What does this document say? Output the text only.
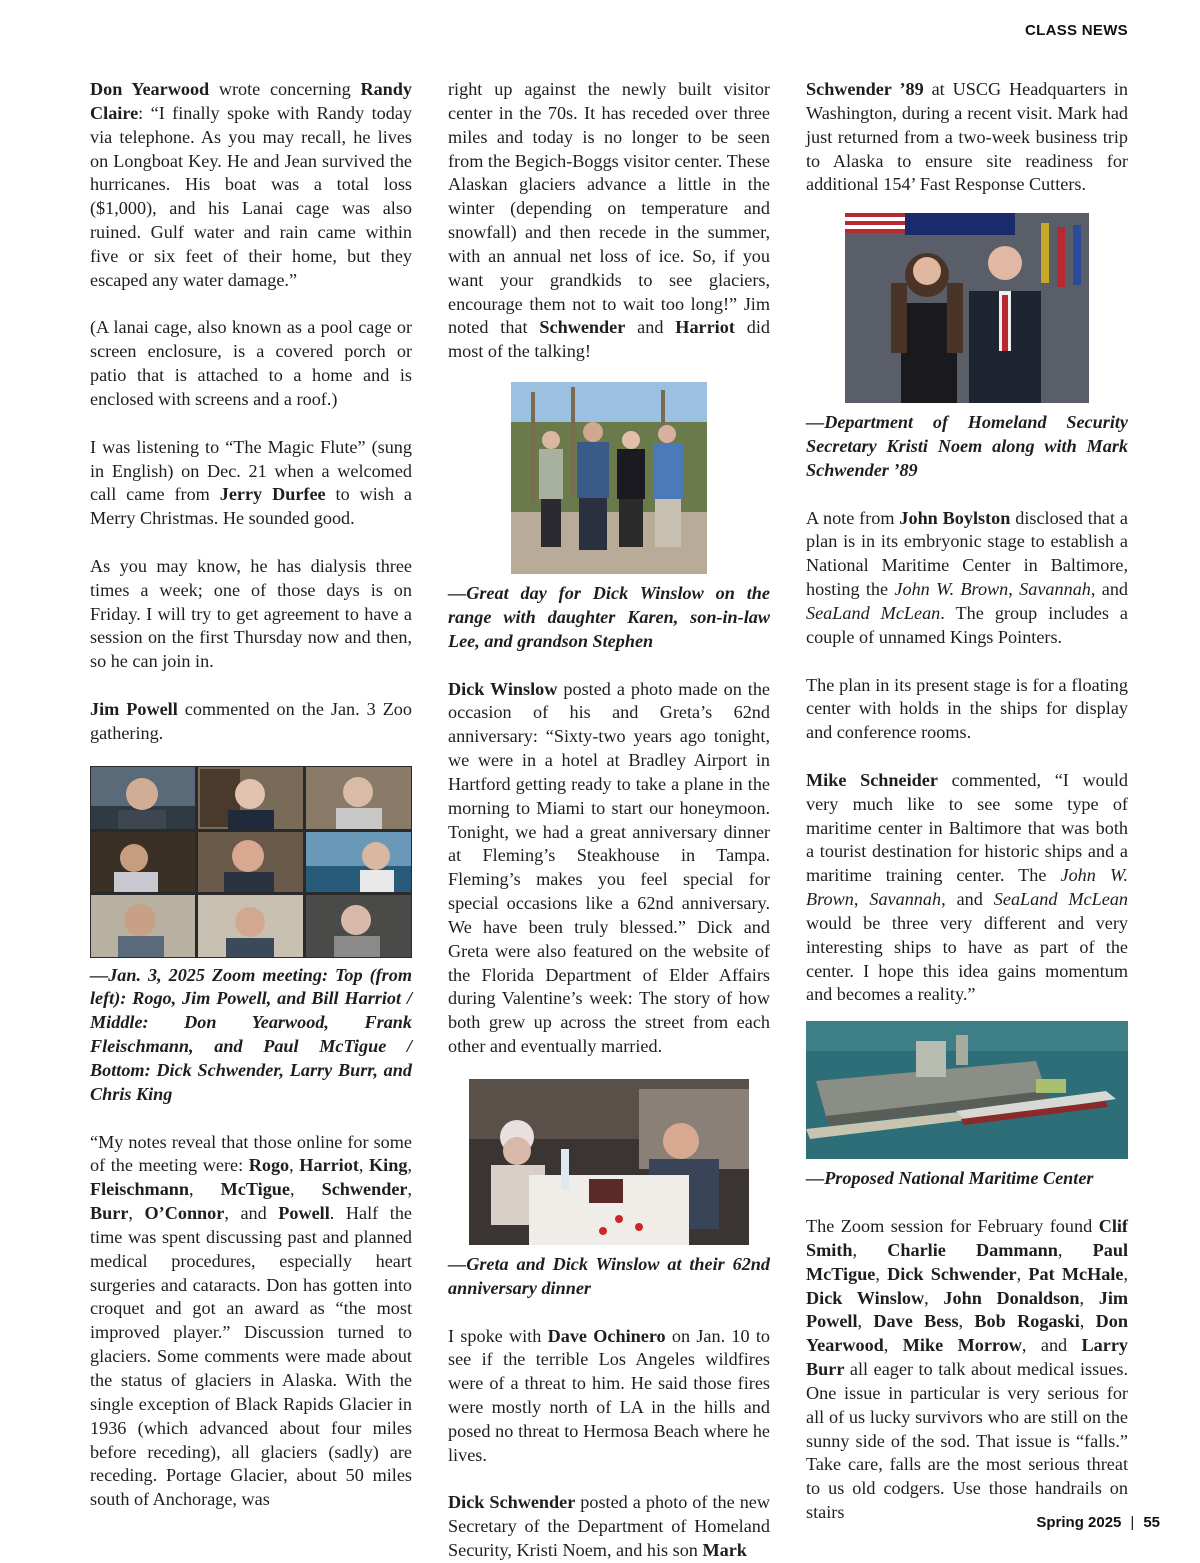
CLASS NEWS

Don Yearwood wrote concerning Randy Claire: “I finally spoke with Randy today via telephone. As you may recall, he lives on Longboat Key. He and Jean survived the hurricanes. His boat was a total loss ($1,000), and his Lanai cage was also ruined. Gulf water and rain came within five or six feet of their home, but they escaped any water damage.”

(A lanai cage, also known as a pool cage or screen enclosure, is a covered porch or patio that is attached to a home and is enclosed with screens and a roof.)

I was listening to “The Magic Flute” (sung in English) on Dec. 21 when a welcomed call came from Jerry Durfee to wish a Merry Christmas. He sounded good.

As you may know, he has dialysis three times a week; one of those days is on Friday. I will try to get agreement to have a session on the first Thursday now and then, so he can join in.

Jim Powell commented on the Jan. 3 Zoo gathering.

—Jan. 3, 2025 Zoom meeting: Top (from left): Rogo, Jim Powell, and Bill Harriot / Middle: Don Yearwood, Frank Fleischmann, and Paul McTigue / Bottom: Dick Schwender, Larry Burr, and Chris King

“My notes reveal that those online for some of the meeting were: Rogo, Harriot, King, Fleischmann, McTigue, Schwender, Burr, O’Connor, and Powell. Half the time was spent discussing past and planned medical procedures, especially heart surgeries and cataracts. Don has gotten into croquet and got an award as “the most improved player.” Discussion turned to glaciers. Some comments were made about the status of glaciers in Alaska. With the single exception of Black Rapids Glacier in 1936 (which advanced about four miles before receding), all glaciers (sadly) are receding. Portage Glacier, about 50 miles south of Anchorage, was

right up against the newly built visitor center in the 70s. It has receded over three miles and today is no longer to be seen from the Begich-Boggs visitor center. These Alaskan glaciers advance a little in the winter (depending on temperature and snowfall) and then recede in the summer, with an annual net loss of ice. So, if you want your grandkids to see glaciers, encourage them not to wait too long!” Jim noted that Schwender and Harriot did most of the talking!

—Great day for Dick Winslow on the range with daughter Karen, son-in-law Lee, and grandson Stephen

Dick Winslow posted a photo made on the occasion of his and Greta’s 62nd anniversary: “Sixty-two years ago tonight, we were in a hotel at Bradley Airport in Hartford getting ready to take a plane in the morning to Miami to start our honeymoon. Tonight, we had a great anniversary dinner at Fleming’s Steakhouse in Tampa. Fleming’s makes you feel special for special occasions like a 62nd anniversary. We have been truly blessed.” Dick and Greta were also featured on the website of the Florida Department of Elder Affairs during Valentine’s week: The story of how both grew up across the street from each other and eventually married.

—Greta and Dick Winslow at their 62nd anniversary dinner

I spoke with Dave Ochinero on Jan. 10 to see if the terrible Los Angeles wildfires were of a threat to him. He said those fires were mostly north of LA in the hills and posed no threat to Hermosa Beach where he lives.

Dick Schwender posted a photo of the new Secretary of the Department of Homeland Security, Kristi Noem, and his son Mark

Schwender ’89 at USCG Headquarters in Washington, during a recent visit. Mark had just returned from a two-week business trip to Alaska to ensure site readiness for additional 154’ Fast Response Cutters.

—Department of Homeland Security Secretary Kristi Noem along with Mark Schwender ’89

A note from John Boylston disclosed that a plan is in its embryonic stage to establish a National Maritime Center in Baltimore, hosting the John W. Brown, Savannah, and SeaLand McLean. The group includes a couple of unnamed Kings Pointers.

The plan in its present stage is for a floating center with holds in the ships for display and conference rooms.

Mike Schneider commented, “I would very much like to see some type of maritime center in Baltimore that was both a tourist destination for historic ships and a maritime training center. The John W. Brown, Savannah, and SeaLand McLean would be three very different and very interesting ships to have as part of the center. I hope this idea gains momentum and becomes a reality.”

—Proposed National Maritime Center

The Zoom session for February found Clif Smith, Charlie Dammann, Paul McTigue, Dick Schwender, Pat McHale, Dick Winslow, John Donaldson, Jim Powell, Dave Bess, Bob Rogaski, Don Yearwood, Mike Morrow, and Larry Burr all eager to talk about medical issues. One issue in particular is very serious for all of us lucky survivors who are still on the sunny side of the sod. That issue is “falls.” Take care, falls are the most serious threat to us old codgers. Use those handrails on stairs

Spring 2025 | 55
